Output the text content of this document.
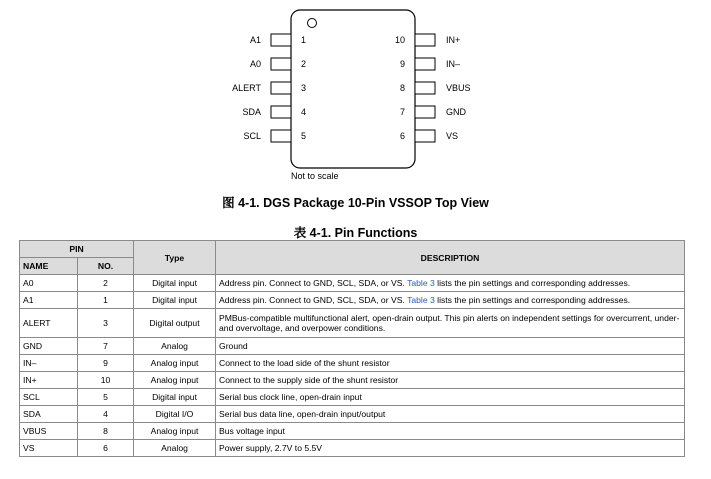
A1	1
A0	2
ALERT	3
SDA	4
SCL	5
IN+
10
IN–
9
VBUS
8
GND
7
VS
6
Not to scale
图 4-1. DGS Package 10-Pin VSSOP Top View
表 4-1. Pin Functions
PIN		Type	DESCRIPTION
NAME	NO.		
A0	2	Digital input	Address pin. Connect to GND, SCL, SDA, or VS. Table 3 lists the pin settings and corresponding addresses.
A1	1	Digital input	Address pin. Connect to GND, SCL, SDA, or VS. Table 3 lists the pin settings and corresponding addresses.
ALERT	3	Digital output	PMBus-compatible multifunctional alert, open-drain output. This pin alerts on independent settings for overcurrent, under- and overvoltage, and overpower conditions.
GND	7	Analog	Ground
IN–	9	Analog input	Connect to the load side of the shunt resistor
IN+	10	Analog input	Connect to the supply side of the shunt resistor
SCL	5	Digital input	Serial bus clock line, open-drain input
SDA	4	Digital I/O	Serial bus data line, open-drain input/output
VBUS	8	Analog input	Bus voltage input
VS	6	Analog	Power supply, 2.7V to 5.5V
